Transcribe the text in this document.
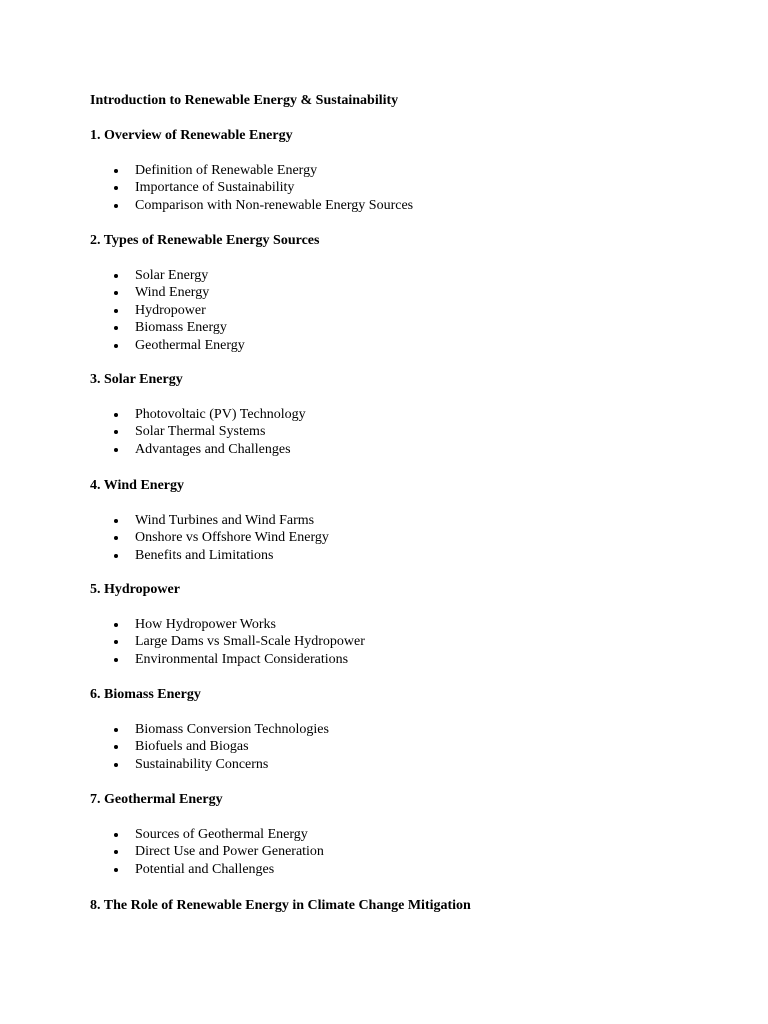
Introduction to Renewable Energy & Sustainability
1. Overview of Renewable Energy
Definition of Renewable Energy
Importance of Sustainability
Comparison with Non-renewable Energy Sources
2. Types of Renewable Energy Sources
Solar Energy
Wind Energy
Hydropower
Biomass Energy
Geothermal Energy
3. Solar Energy
Photovoltaic (PV) Technology
Solar Thermal Systems
Advantages and Challenges
4. Wind Energy
Wind Turbines and Wind Farms
Onshore vs Offshore Wind Energy
Benefits and Limitations
5. Hydropower
How Hydropower Works
Large Dams vs Small-Scale Hydropower
Environmental Impact Considerations
6. Biomass Energy
Biomass Conversion Technologies
Biofuels and Biogas
Sustainability Concerns
7. Geothermal Energy
Sources of Geothermal Energy
Direct Use and Power Generation
Potential and Challenges
8. The Role of Renewable Energy in Climate Change Mitigation
